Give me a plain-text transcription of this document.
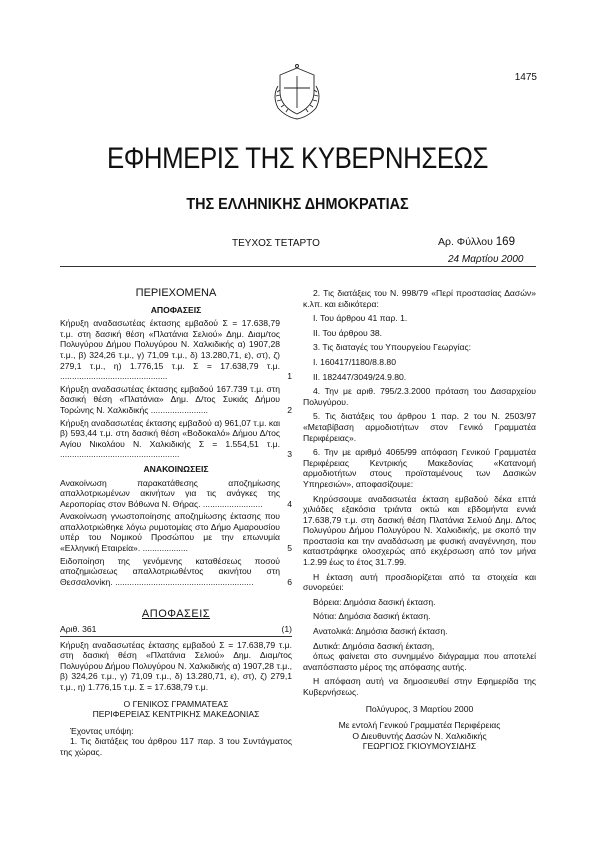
1475
ΕΦΗΜΕΡΙΣ ΤΗΣ ΚΥΒΕΡΝΗΣΕΩΣ
ΤΗΣ ΕΛΛΗΝΙΚΗΣ ΔΗΜΟΚΡΑΤΙΑΣ
ΤΕΥΧΟΣ ΤΕΤΑΡΤΟ	Αρ. Φύλλου 169
24 Μαρτίου 2000
ΠΕΡΙΕΧΟΜΕΝΑ
ΑΠΟΦΑΣΕΙΣ
Κήρυξη αναδασωτέας έκτασης εμβαδού Σ = 17.638,79 τ.μ. στη δασική θέση «Πλατάνια Σελιού» Δημ. Διαμ/τος Πολυγύρου Δήμου Πολυγύρου Ν. Χαλκιδικής α) 1907,28 τ.μ., β) 324,26 τ.μ., γ) 71,09 τ.μ., δ) 13.280,71, ε), στ), ζ) 279,1 τ.μ., η) 1.776,15 τ.μ. Σ = 17.638,79 τ.μ. .............................................	1
Κήρυξη αναδασωτέας έκτασης εμβαδού 167.739 τ.μ. στη δασική θέση «Πλατάνια» Δημ. Δ/τος Συκιάς Δήμου Τορώνης Ν. Χαλκιδικής ........................	2
Κήρυξη αναδασωτέας έκτασης εμβαδού α) 961,07 τ.μ. και β) 593,44 τ.μ. στη δασική θέση «Βοδοκαλό» Δήμου Δ/τος Αγίου Νικολάου Ν. Χαλκιδικής Σ = 1.554,51 τ.μ. ..................................................	3
ΑΝΑΚΟΙΝΩΣΕΙΣ
Ανακοίνωση παρακατάθεσης αποζημίωσης απαλλοτριωμένων ακινήτων για τις ανάγκες της Αεροπορίας στον Βόθωνα Ν. Θήρας. .........................	4
Ανακοίνωση γνωστοποίησης αποζημίωσης έκτασης που απαλλοτριώθηκε λόγω ρυμοτομίας στο Δήμο Αμαρουσίου υπέρ του Νομικού Προσώπου με την επωνυμία «Ελληνική Εταιρεία». ...................	5
Ειδοποίηση της γενόμενης καταθέσεως ποσού αποζημιώσεως απαλλοτριωθέντος ακινήτου στη Θεσσαλονίκη. ..........................................................	6
ΑΠΟΦΑΣΕΙΣ
Αριθ. 361	(1)

Κήρυξη αναδασωτέας έκτασης εμβαδού Σ = 17.638,79 τ.μ. στη δασική θέση «Πλατάνια Σελιού» Δημ. Διαμ/τος Πολυγύρου Δήμου Πολυγύρου Ν. Χαλκιδικής α) 1907,28 τ.μ., β) 324,26 τ.μ., γ) 71,09 τ.μ., δ) 13.280,71, ε), στ), ζ) 279,1 τ.μ., η) 1.776,15 τ.μ. Σ = 17.638,79 τ.μ.

Ο ΓΕΝΙΚΟΣ ΓΡΑΜΜΑΤΕΑΣ
ΠΕΡΙΦΕΡΕΙΑΣ ΚΕΝΤΡΙΚΗΣ ΜΑΚΕΔΟΝΙΑΣ

Έχοντας υπόψη:

1. Τις διατάξεις του άρθρου 117 παρ. 3 του Συντάγματος της χώρας.

2. Τις διατάξεις του Ν. 998/79 «Περί προστασίας Δασών» κ.λπ. και ειδικότερα:

I. Του άρθρου 41 παρ. 1.

II. Του άρθρου 38.

3. Τις διαταγές του Υπουργείου Γεωργίας:

I. 160417/1180/8.8.80

II. 182447/3049/24.9.80.

4. Την με αριθ. 795/2.3.2000 πρόταση του Δασαρχείου Πολυγύρου.

5. Τις διατάξεις του άρθρου 1 παρ. 2 του Ν. 2503/97 «Μεταβίβαση αρμοδιοτήτων στον Γενικό Γραμματέα Περιφέρειας».

6. Την με αριθμό 4065/99 απόφαση Γενικού Γραμματέα Περιφέρειας Κεντρικής Μακεδονίας «Κατανομή αρμοδιοτήτων στους προϊσταμένους των Δασικών Υπηρεσιών», αποφασίζουμε:

Κηρύσσουμε αναδασωτέα έκταση εμβαδού δέκα επτά χιλιάδες εξακόσια τριάντα οκτώ και εβδομήντα εννιά 17.638,79 τ.μ. στη δασική θέση Πλατάνια Σελιού Δημ. Δ/τος Πολυγύρου Δήμου Πολυγύρου Ν. Χαλκιδικής, με σκοπό την προστασία και την αναδάσωση με φυσική αναγέννηση, που καταστράφηκε ολοσχερώς από εκχέρσωση από τον μήνα 1.2.99 έως το έτος 31.7.99.

Η έκταση αυτή προσδιορίζεται από τα στοιχεία και συνορεύει:

Βόρεια: Δημόσια δασική έκταση.

Νότια: Δημόσια δασική έκταση.

Ανατολικά: Δημόσια δασική έκταση.

Δυτικά: Δημόσια δασική έκταση,

όπως φαίνεται στο συνημμένο διάγραμμα που αποτελεί αναπόσπαστο μέρος της απόφασης αυτής.

Η απόφαση αυτή να δημοσιευθεί στην Εφημερίδα της Κυβερνήσεως.

Πολύγυρος, 3 Μαρτίου 2000

Με εντολή Γενικού Γραμματέα Περιφέρειας

Ο Διευθυντής Δασών Ν. Χαλκιδικής

ΓΕΩΡΓΙΟΣ ΓΚΙΟΥΜΟΥΣΙΔΗΣ
